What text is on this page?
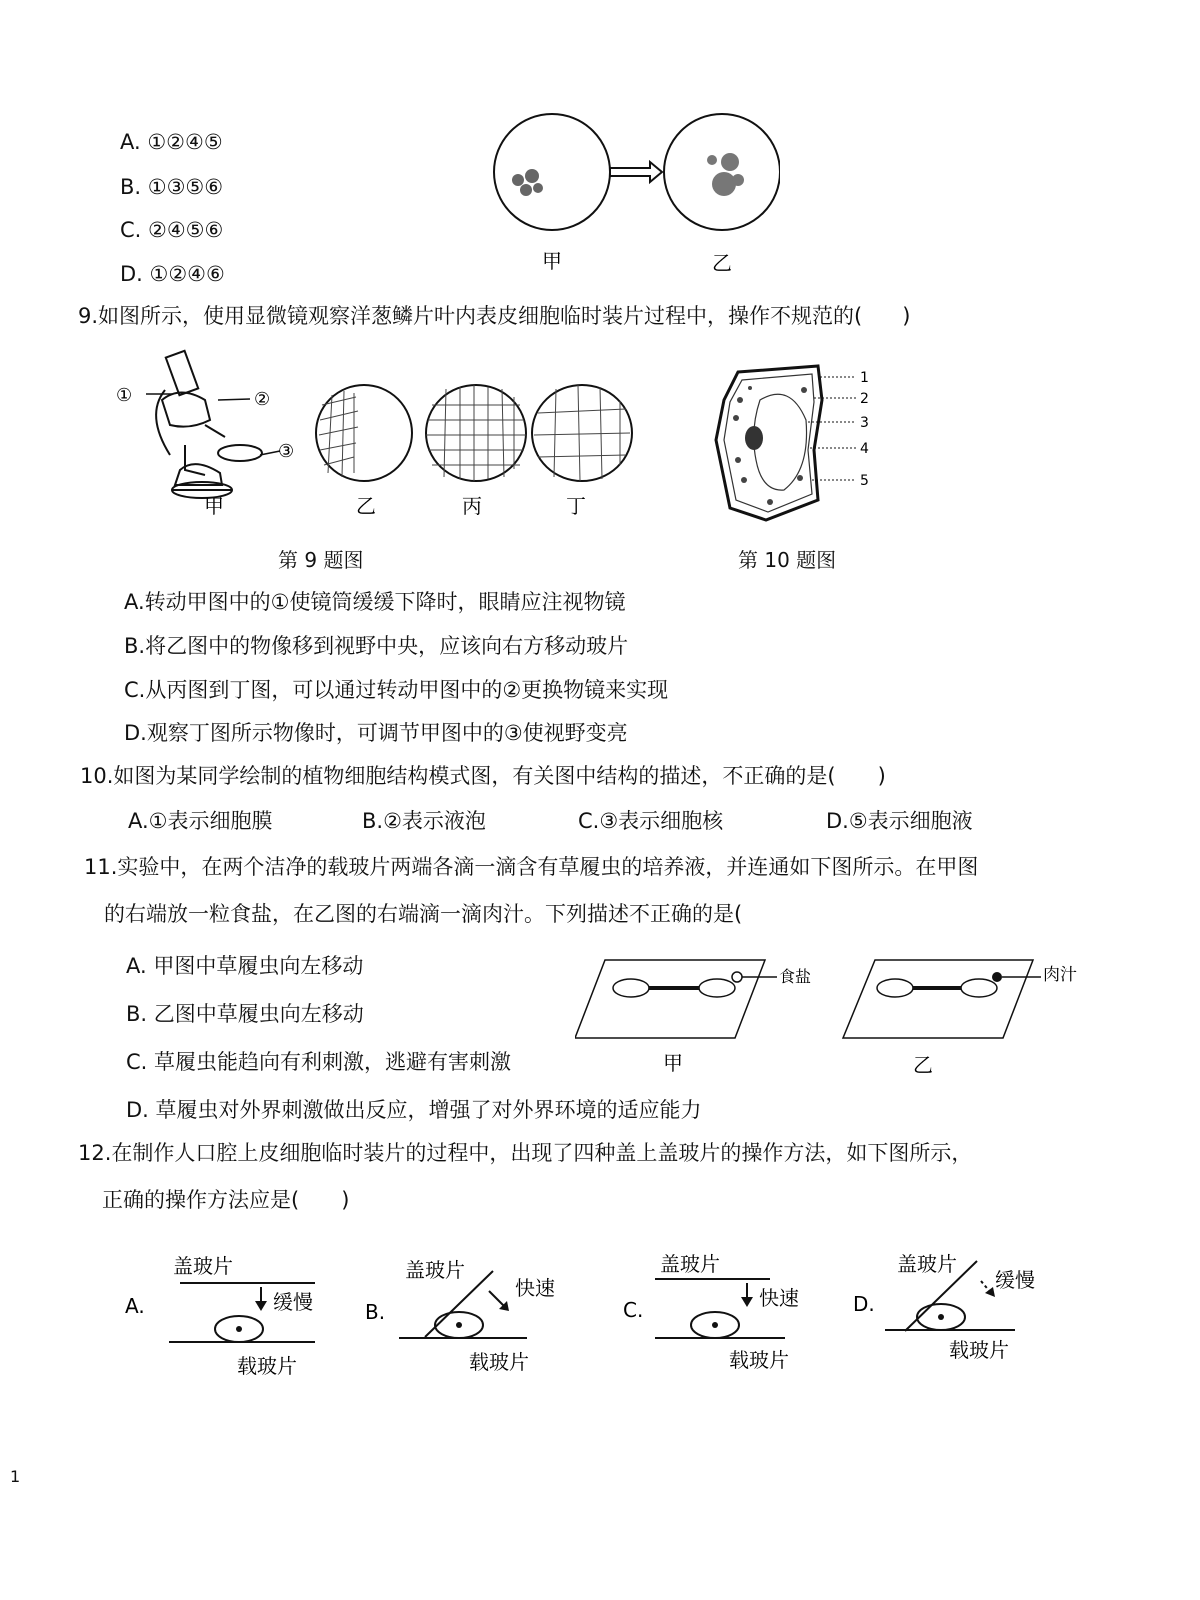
A. ①②④⑤
B. ①③⑤⑥
C. ②④⑤⑥
D. ①②④⑥
甲	乙
9.如图所示，使用显微镜观察洋葱鳞片叶内表皮细胞临时装片过程中，操作不规范的( )
①	②
③
甲	乙	丙	丁
1
2
3
4
5
第 9 题图	第 10 题图
A.转动甲图中的①使镜筒缓缓下降时，眼睛应注视物镜
B.将乙图中的物像移到视野中央，应该向右方移动玻片
C.从丙图到丁图，可以通过转动甲图中的②更换物镜来实现
D.观察丁图所示物像时，可调节甲图中的③使视野变亮
10.如图为某同学绘制的植物细胞结构模式图，有关图中结构的描述，不正确的是(　　)
A.①表示细胞膜	B.②表示液泡	C.③表示细胞核	D.⑤表示细胞液
11.实验中，在两个洁净的载玻片两端各滴一滴含有草履虫的培养液，并连通如下图所示。在甲图
的右端放一粒食盐，在乙图的右端滴一滴肉汁。下列描述不正确的是(
A. 甲图中草履虫向左移动
B. 乙图中草履虫向左移动
C. 草履虫能趋向有利刺激，逃避有害刺激
D. 草履虫对外界刺激做出反应，增强了对外界环境的适应能力
食盐
甲
肉汁
乙
12.在制作人口腔上皮细胞临时装片的过程中，出现了四种盖上盖玻片的操作方法，如下图所示，
正确的操作方法应是(　　)
A.
盖玻片
缓慢
载玻片
B.
盖玻片
快速
载玻片
C.
盖玻片
快速
载玻片
D.
盖玻片
缓慢
载玻片
1
